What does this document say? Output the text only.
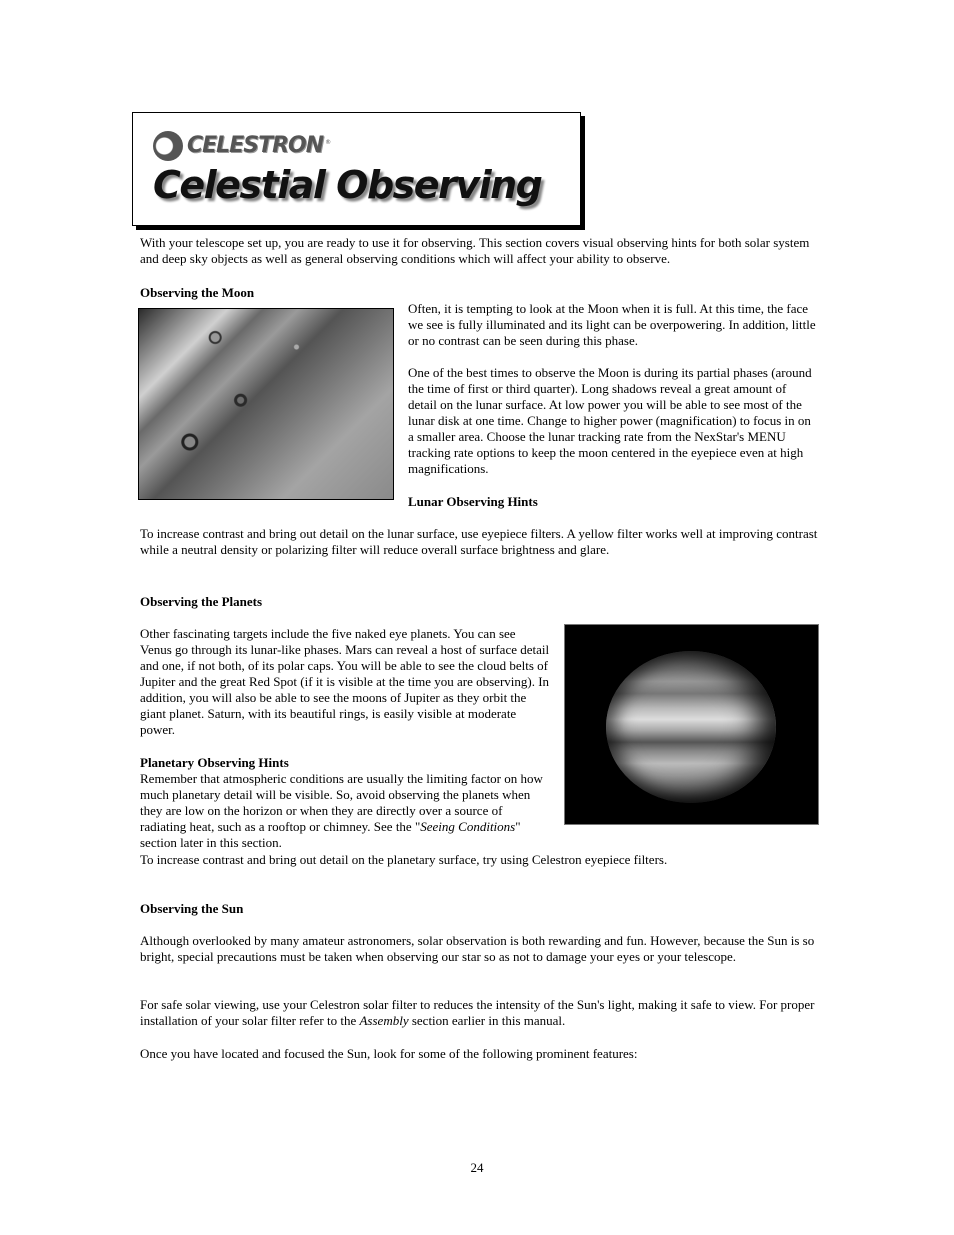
CELESTRON ®
Celestial Observing

With your telescope set up, you are ready to use it for observing. This section covers visual observing hints for both solar system and deep sky objects as well as general observing conditions which will affect your ability to observe.

Observing the Moon

Often, it is tempting to look at the Moon when it is full. At this time, the face we see is fully illuminated and its light can be overpowering. In addition, little or no contrast can be seen during this phase.

One of the best times to observe the Moon is during its partial phases (around the time of first or third quarter). Long shadows reveal a great amount of detail on the lunar surface. At low power you will be able to see most of the lunar disk at one time. Change to higher power (magnification) to focus in on a smaller area. Choose the lunar tracking rate from the NexStar's MENU tracking rate options to keep the moon centered in the eyepiece even at high magnifications.

Lunar Observing Hints

To increase contrast and bring out detail on the lunar surface, use eyepiece filters. A yellow filter works well at improving contrast while a neutral density or polarizing filter will reduce overall surface brightness and glare.

Observing the Planets

Other fascinating targets include the five naked eye planets. You can see Venus go through its lunar-like phases. Mars can reveal a host of surface detail and one, if not both, of its polar caps. You will be able to see the cloud belts of Jupiter and the great Red Spot (if it is visible at the time you are observing). In addition, you will also be able to see the moons of Jupiter as they orbit the giant planet. Saturn, with its beautiful rings, is easily visible at moderate power.

Planetary Observing Hints

Remember that atmospheric conditions are usually the limiting factor on how much planetary detail will be visible. So, avoid observing the planets when they are low on the horizon or when they are directly over a source of radiating heat, such as a rooftop or chimney. See the "Seeing Conditions" section later in this section.

To increase contrast and bring out detail on the planetary surface, try using Celestron eyepiece filters.

Observing the Sun

Although overlooked by many amateur astronomers, solar observation is both rewarding and fun. However, because the Sun is so bright, special precautions must be taken when observing our star so as not to damage your eyes or your telescope.

For safe solar viewing, use your Celestron solar filter to reduces the intensity of the Sun's light, making it safe to view. For proper installation of your solar filter refer to the Assembly section earlier in this manual.

Once you have located and focused the Sun, look for some of the following prominent features:

24
